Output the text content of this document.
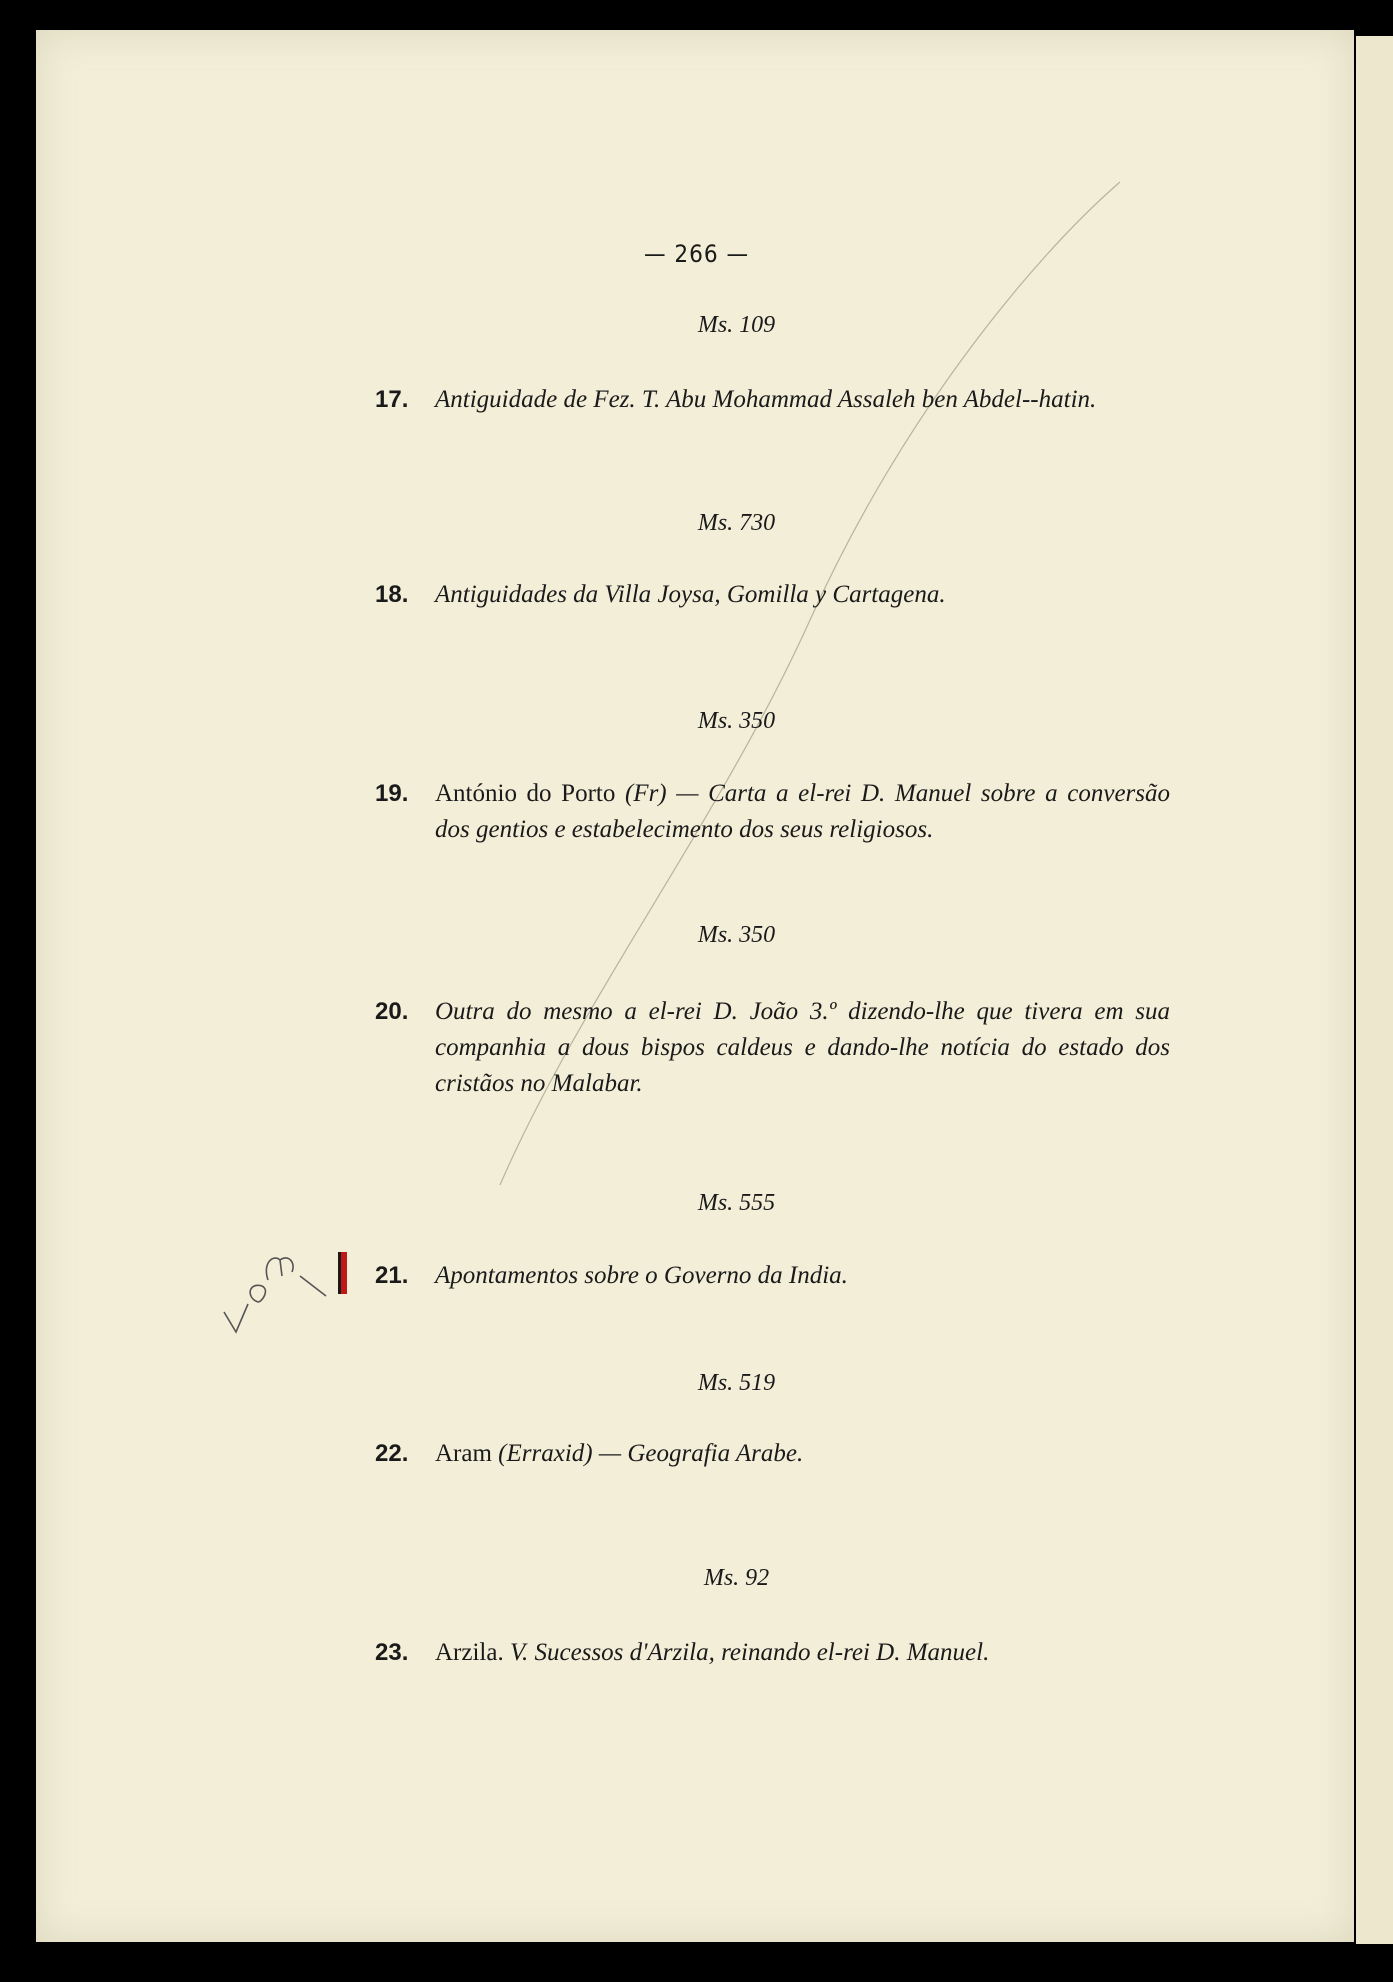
— 266 —
Ms. 109
17. Antiguidade de Fez. T. Abu Mohammad Assaleh ben Abdel--hatin.
Ms. 730
18. Antiguidades da Villa Joysa, Gomilla y Cartagena.
Ms. 350
19. António do Porto (Fr) — Carta a el-rei D. Manuel sobre a conversão dos gentios e estabelecimento dos seus religiosos.
Ms. 350
20. Outra do mesmo a el-rei D. João 3.º dizendo-lhe que tivera em sua companhia a dous bispos caldeus e dando-lhe notícia do estado dos cristãos no Malabar.
Ms. 555
21. Apontamentos sobre o Governo da India.
Ms. 519
22. Aram (Erraxid) — Geografia Arabe.
Ms. 92
23. Arzila. V. Sucessos d'Arzila, reinando el-rei D. Manuel.
